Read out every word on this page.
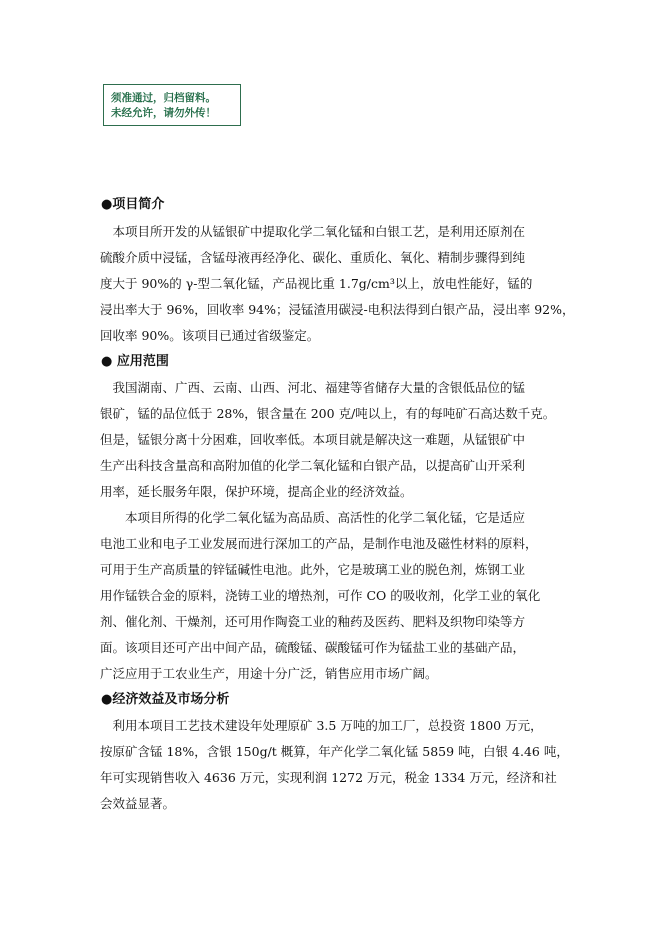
须准通过，归档留料。
未经允许，请勿外传！
●项目简介
　本项目所开发的从锰银矿中提取化学二氧化锰和白银工艺，是利用还原剂在
硫酸介质中浸锰，含锰母液再经净化、碳化、重质化、氧化、精制步骤得到纯
度大于 90%的 γ-型二氧化锰，产品视比重 1.7g/cm³以上，放电性能好，锰的
浸出率大于 96%，回收率 94%；浸锰渣用碳浸-电积法得到白银产品，浸出率 92%，
回收率 90%。该项目已通过省级鉴定。
● 应用范围
　我国湖南、广西、云南、山西、河北、福建等省储存大量的含银低品位的锰
银矿，锰的品位低于 28%，银含量在 200 克/吨以上，有的每吨矿石高达数千克。
但是，锰银分离十分困难，回收率低。本项目就是解决这一难题，从锰银矿中
生产出科技含量高和高附加值的化学二氧化锰和白银产品，以提高矿山开采利
用率，延长服务年限，保护环境，提高企业的经济效益。
　　本项目所得的化学二氧化锰为高品质、高活性的化学二氧化锰，它是适应
电池工业和电子工业发展而进行深加工的产品，是制作电池及磁性材料的原料，
可用于生产高质量的锌锰碱性电池。此外，它是玻璃工业的脱色剂，炼钢工业
用作锰铁合金的原料，浇铸工业的增热剂，可作 CO 的吸收剂，化学工业的氧化
剂、催化剂、干燥剂，还可用作陶瓷工业的釉药及医药、肥料及织物印染等方
面。该项目还可产出中间产品，硫酸锰、碳酸锰可作为锰盐工业的基础产品，
广泛应用于工农业生产，用途十分广泛，销售应用市场广阔。
●经济效益及市场分析
　利用本项目工艺技术建设年处理原矿 3.5 万吨的加工厂，总投资 1800 万元，
按原矿含锰 18%，含银 150g/t 概算，年产化学二氧化锰 5859 吨，白银 4.46 吨，
年可实现销售收入 4636 万元，实现利润 1272 万元，税金 1334 万元，经济和社
会效益显著。
